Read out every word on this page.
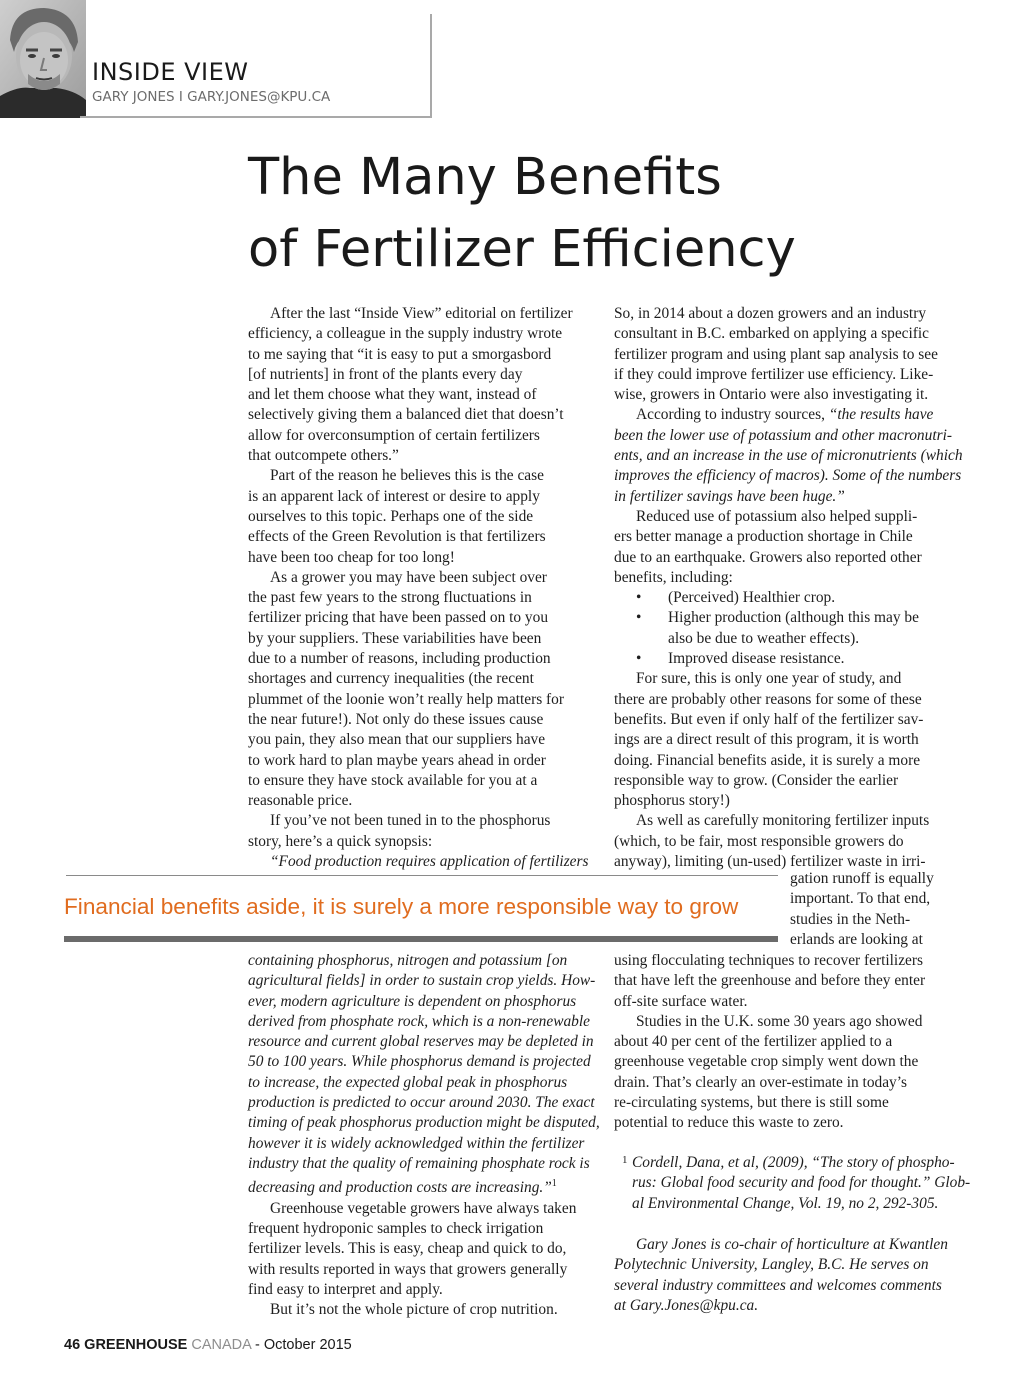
INSIDE VIEW
GARY JONES I GARY.JONES@KPU.CA
The Many Benefits
of Fertilizer Efficiency
After the last “Inside View” editorial on fertilizer
efficiency, a colleague in the supply industry wrote
to me saying that “it is easy to put a smorgasbord
[of nutrients] in front of the plants every day
and let them choose what they want, instead of
selectively giving them a balanced diet that doesn’t
allow for overconsumption of certain fertilizers
that outcompete others.”
Part of the reason he believes this is the case
is an apparent lack of interest or desire to apply
ourselves to this topic. Perhaps one of the side
effects of the Green Revolution is that fertilizers
have been too cheap for too long!
As a grower you may have been subject over
the past few years to the strong fluctuations in
fertilizer pricing that have been passed on to you
by your suppliers. These variabilities have been
due to a number of reasons, including production
shortages and currency inequalities (the recent
plummet of the loonie won’t really help matters for
the near future!). Not only do these issues cause
you pain, they also mean that our suppliers have
to work hard to plan maybe years ahead in order
to ensure they have stock available for you at a
reasonable price.
If you’ve not been tuned in to the phosphorus
story, here’s a quick synopsis:
“Food production requires application of fertilizers
Financial benefits aside, it is surely a more responsible way to grow
containing phosphorus, nitrogen and potassium [on
agricultural fields] in order to sustain crop yields. How-
ever, modern agriculture is dependent on phosphorus
derived from phosphate rock, which is a non-renewable
resource and current global reserves may be depleted in
50 to 100 years. While phosphorus demand is projected
to increase, the expected global peak in phosphorus
production is predicted to occur around 2030. The exact
timing of peak phosphorus production might be disputed,
however it is widely acknowledged within the fertilizer
industry that the quality of remaining phosphate rock is
decreasing and production costs are increasing.”$^1$
Greenhouse vegetable growers have always taken
frequent hydroponic samples to check irrigation
fertilizer levels. This is easy, cheap and quick to do,
with results reported in ways that growers generally
find easy to interpret and apply.
But it’s not the whole picture of crop nutrition.
So, in 2014 about a dozen growers and an industry
consultant in B.C. embarked on applying a specific
fertilizer program and using plant sap analysis to see
if they could improve fertilizer use efficiency. Like-
wise, growers in Ontario were also investigating it.
According to industry sources, “the results have
been the lower use of potassium and other macronutri-
ents, and an increase in the use of micronutrients (which
improves the efficiency of macros). Some of the numbers
in fertilizer savings have been huge.”
Reduced use of potassium also helped suppli-
ers better manage a production shortage in Chile
due to an earthquake. Growers also reported other
benefits, including:
• (Perceived) Healthier crop.
• Higher production (although this may be
also be due to weather effects).
• Improved disease resistance.
For sure, this is only one year of study, and
there are probably other reasons for some of these
benefits. But even if only half of the fertilizer sav-
ings are a direct result of this program, it is worth
doing. Financial benefits aside, it is surely a more
responsible way to grow. (Consider the earlier
phosphorus story!)
As well as carefully monitoring fertilizer inputs
(which, to be fair, most responsible growers do
anyway), limiting (un-used) fertilizer waste in irri-
gation runoff is equally
important. To that end,
studies in the Neth-
erlands are looking at
using flocculating techniques to recover fertilizers
that have left the greenhouse and before they enter
off-site surface water.
Studies in the U.K. some 30 years ago showed
about 40 per cent of the fertilizer applied to a
greenhouse vegetable crop simply went down the
drain. That’s clearly an over-estimate in today’s
re-circulating systems, but there is still some
potential to reduce this waste to zero.
1 Cordell, Dana, et al, (2009), “The story of phospho-
rus: Global food security and food for thought.” Glob-
al Environmental Change, Vol. 19, no 2, 292-305.
Gary Jones is co-chair of horticulture at Kwantlen
Polytechnic University, Langley, B.C. He serves on
several industry committees and welcomes comments
at Gary.Jones@kpu.ca.
46 GREENHOUSE CANADA - October 2015
